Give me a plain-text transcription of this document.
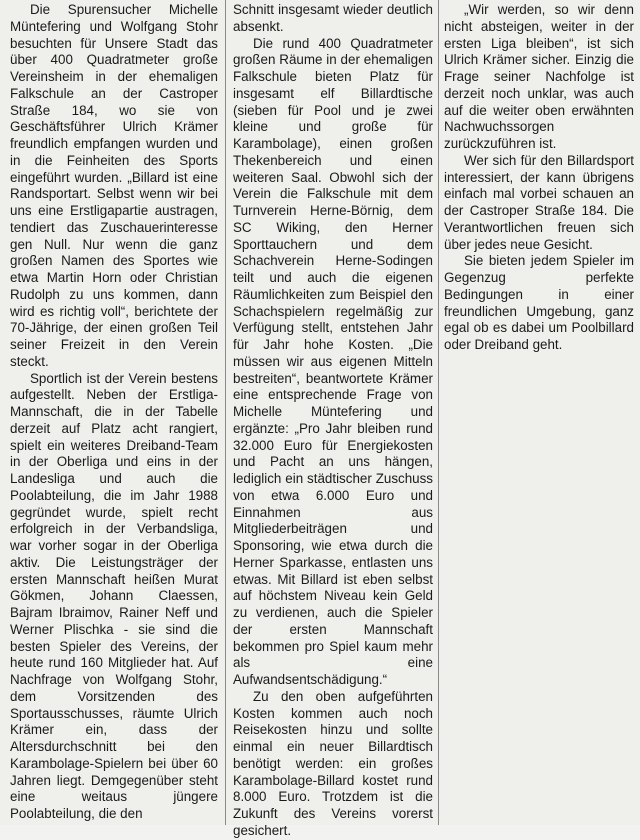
Die Spurensucher Michelle Müntefering und Wolfgang Stohr besuchten für Unsere Stadt das über 400 Quadratmeter große Vereinsheim in der ehemaligen Falkschule an der Castroper Straße 184, wo sie von Geschäftsführer Ulrich Krämer freundlich empfangen wurden und in die Feinheiten des Sports eingeführt wurden. „Billard ist eine Randsportart. Selbst wenn wir bei uns eine Erstligapartie austragen, tendiert das Zuschauerinteresse gen Null. Nur wenn die ganz großen Namen des Sportes wie etwa Martin Horn oder Christian Rudolph zu uns kommen, dann wird es richtig voll“, berichtete der 70-Jährige, der einen großen Teil seiner Freizeit in den Verein steckt.

Sportlich ist der Verein bestens aufgestellt. Neben der Erstliga-Mannschaft, die in der Tabelle derzeit auf Platz acht rangiert, spielt ein weiteres Dreiband-Team in der Oberliga und eins in der Landesliga und auch die Poolabteilung, die im Jahr 1988 gegründet wurde, spielt recht erfolgreich in der Verbandsliga, war vorher sogar in der Oberliga aktiv. Die Leistungsträger der ersten Mannschaft heißen Murat Gökmen, Johann Claessen, Bajram Ibraimov, Rainer Neff und Werner Plischka - sie sind die besten Spieler des Vereins, der heute rund 160 Mitglieder hat. Auf Nachfrage von Wolfgang Stohr, dem Vorsitzenden des Sportausschusses, räumte Ulrich Krämer ein, dass der Altersdurchschnitt bei den Karambolage-Spielern bei über 60 Jahren liegt. Demgegenüber steht eine weitaus jüngere Poolabteilung, die den

Schnitt insgesamt wieder deutlich absenkt.

Die rund 400 Quadratmeter großen Räume in der ehemaligen Falkschule bieten Platz für insgesamt elf Billardtische (sieben für Pool und je zwei kleine und große für Karambolage), einen großen Thekenbereich und einen weiteren Saal. Obwohl sich der Verein die Falkschule mit dem Turnverein Herne-Börnig, dem SC Wiking, den Herner Sporttauchern und dem Schachverein Herne-Sodingen teilt und auch die eigenen Räumlichkeiten zum Beispiel den Schachspielern regelmäßig zur Verfügung stellt, entstehen Jahr für Jahr hohe Kosten. „Die müssen wir aus eigenen Mitteln bestreiten“, beantwortete Krämer eine entsprechende Frage von Michelle Müntefering und ergänzte: „Pro Jahr bleiben rund 32.000 Euro für Energiekosten und Pacht an uns hängen, lediglich ein städtischer Zuschuss von etwa 6.000 Euro und Einnahmen aus Mitgliederbeiträgen und Sponsoring, wie etwa durch die Herner Sparkasse, entlasten uns etwas. Mit Billard ist eben selbst auf höchstem Niveau kein Geld zu verdienen, auch die Spieler der ersten Mannschaft bekommen pro Spiel kaum mehr als eine Aufwandsentschädigung.“

Zu den oben aufgeführten Kosten kommen auch noch Reisekosten hinzu und sollte einmal ein neuer Billardtisch benötigt werden: ein großes Karambolage-Billard kostet rund 8.000 Euro. Trotzdem ist die Zukunft des Vereins vorerst gesichert.

„Wir werden, so wir denn nicht absteigen, weiter in der ersten Liga bleiben“, ist sich Ulrich Krämer sicher. Einzig die Frage seiner Nachfolge ist derzeit noch unklar, was auch auf die weiter oben erwähnten Nachwuchssorgen zurückzuführen ist.

Wer sich für den Billardsport interessiert, der kann übrigens einfach mal vorbei schauen an der Castroper Straße 184. Die Verantwortlichen freuen sich über jedes neue Gesicht.

Sie bieten jedem Spieler im Gegenzug perfekte Bedingungen in einer freundlichen Umgebung, ganz egal ob es dabei um Poolbillard oder Dreiband geht.
